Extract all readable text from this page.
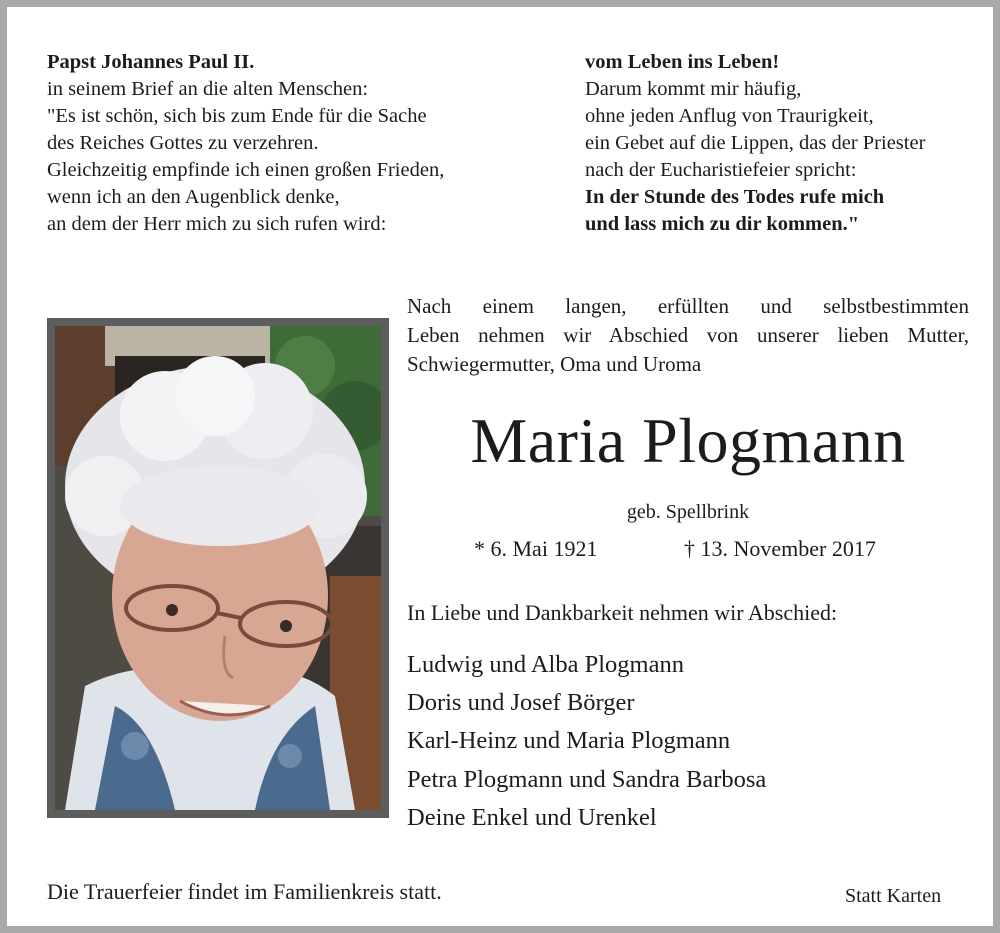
Papst Johannes Paul II.
in seinem Brief an die alten Menschen:
"Es ist schön, sich bis zum Ende für die Sache
des Reiches Gottes zu verzehren.
Gleichzeitig empfinde ich einen großen Frieden,
wenn ich an den Augenblick denke,
an dem der Herr mich zu sich rufen wird:
vom Leben ins Leben!
Darum kommt mir häufig,
ohne jeden Anflug von Traurigkeit,
ein Gebet auf die Lippen, das der Priester
nach der Eucharistiefeier spricht:
In der Stunde des Todes rufe mich
und lass mich zu dir kommen."
Nach einem langen, erfüllten und selbstbestimmten
Leben nehmen wir Abschied von unserer lieben Mutter,
Schwiegermutter, Oma und Uroma
Maria Plogmann
geb. Spellbrink
* 6. Mai 1921	† 13. November 2017
In Liebe und Dankbarkeit nehmen wir Abschied:
Ludwig und Alba Plogmann
Doris und Josef Börger
Karl-Heinz und Maria Plogmann
Petra Plogmann und Sandra Barbosa
Deine Enkel und Urenkel
Die Trauerfeier findet im Familienkreis statt.	Statt Karten
